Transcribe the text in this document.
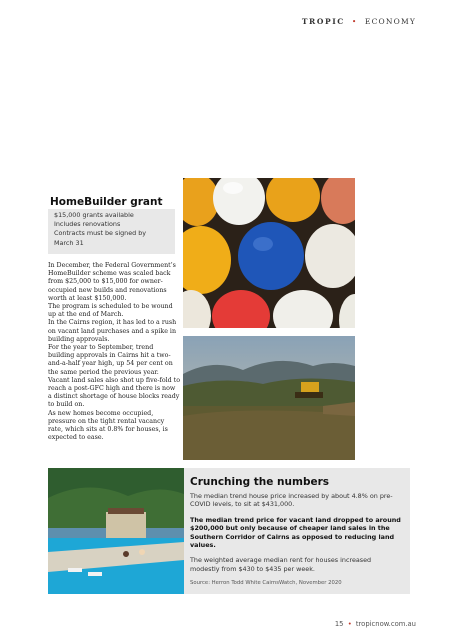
TROPIC • ECONOMY
HomeBuilder grant
$15,000 grants available
Includes renovations
Contracts must be signed by
March 31

In December, the Federal Government’s HomeBuilder scheme was scaled back from $25,000 to $15,000 for owner-occupied new builds and renovations worth at least $150,000.

The program is scheduled to be wound up at the end of March.

In the Cairns region, it has led to a rush on vacant land purchases and a spike in building approvals.

For the year to September, trend building approvals in Cairns hit a two-and-a-half year high, up 54 per cent on the same period the previous year.

Vacant land sales also shot up five-fold to reach a post-GFC high and there is now a distinct shortage of house blocks ready to build on.

As new homes become occupied, pressure on the tight rental vacancy rate, which sits at 0.8% for houses, is expected to ease.

Crunching the numbers

The median trend house price increased by about 4.8% on pre-COVID levels, to sit at $431,000.

The median trend price for vacant land dropped to around $200,000 but only because of cheaper land sales in the Southern Corridor of Cairns as opposed to reducing land values.

The weighted average median rent for houses increased modestly from $430 to $435 per week.

Source: Herron Todd White CairnsWatch, November 2020

15 • tropicnow.com.au
